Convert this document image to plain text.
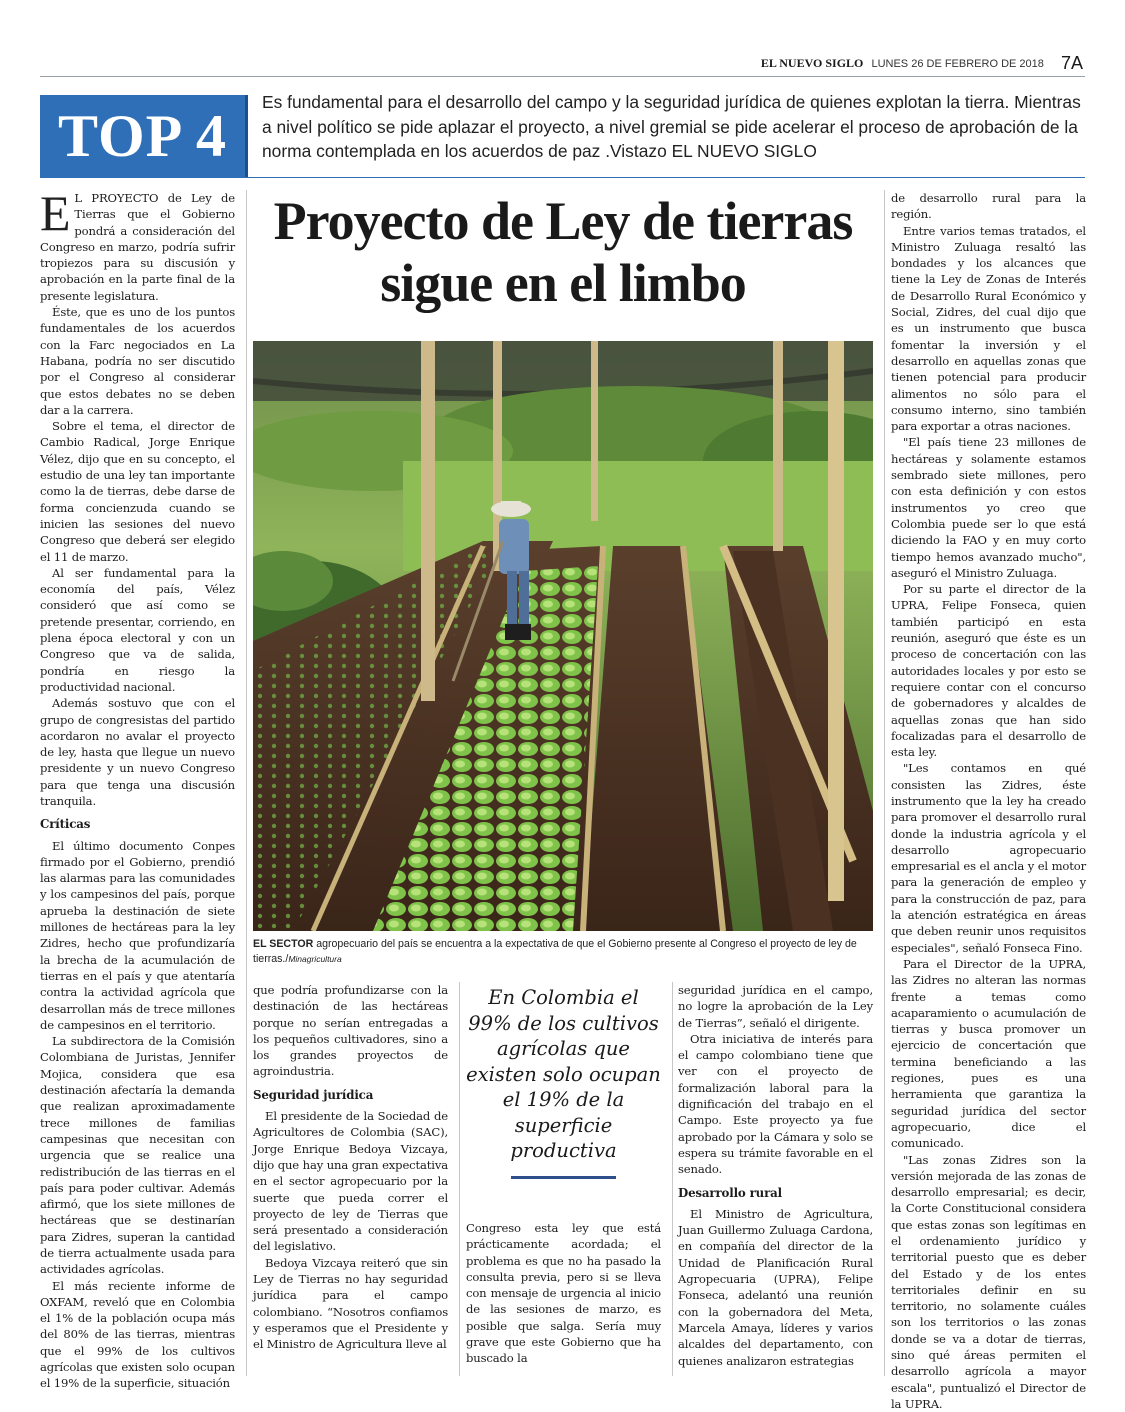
EL NUEVO SIGLO LUNES 26 DE FEBRERO DE 2018 7A
TOP 4
Es fundamental para el desarrollo del campo y la seguridad jurídica de quienes explotan la tierra. Mientras a nivel político se pide aplazar el proyecto, a nivel gremial se pide acelerar el proceso de aprobación de la norma contemplada en los acuerdos de paz .Vistazo EL NUEVO SIGLO
Proyecto de Ley de tierras
sigue en el limbo
EL SECTOR agropecuario del país se encuentra a la expectativa de que el Gobierno presente al Congreso el proyecto de ley de tierras./Minagricultura

E L PROYECTO de Ley de Tierras que el Gobierno pondrá a consideración del Congreso en marzo, podría sufrir tropiezos para su discusión y aprobación en la parte final de la presente legislatura.

Éste, que es uno de los puntos fundamentales de los acuerdos con la Farc negociados en La Habana, podría no ser discutido por el Congreso al considerar que estos debates no se deben dar a la carrera.

Sobre el tema, el director de Cambio Radical, Jorge Enrique Vélez, dijo que en su concepto, el estudio de una ley tan importante como la de tierras, debe darse de forma concienzuda cuando se inicien las sesiones del nuevo Congreso que deberá ser elegido el 11 de marzo.

Al ser fundamental para la economía del país, Vélez consideró que así como se pretende presentar, corriendo, en plena época electoral y con un Congreso que va de salida, pondría en riesgo la productividad nacional.

Además sostuvo que con el grupo de congresistas del partido acordaron no avalar el proyecto de ley, hasta que llegue un nuevo presidente y un nuevo Congreso para que tenga una discusión tranquila.

Críticas

El último documento Conpes firmado por el Gobierno, prendió las alarmas para las comunidades y los campesinos del país, porque aprueba la destinación de siete millones de hectáreas para la ley Zidres, hecho que profundizaría la brecha de la acumulación de tierras en el país y que atentaría contra la actividad agrícola que desarrollan más de trece millones de campesinos en el territorio.

La subdirectora de la Comisión Colombiana de Juristas, Jennifer Mojica, considera que esa destinación afectaría la demanda que realizan aproximadamente trece millones de familias campesinas que necesitan con urgencia que se realice una redistribución de las tierras en el país para poder cultivar. Además afirmó, que los siete millones de hectáreas que se destinarían para Zidres, superan la cantidad de tierra actualmente usada para actividades agrícolas.

El más reciente informe de OXFAM, reveló que en Colombia el 1% de la población ocupa más del 80% de las tierras, mientras que el 99% de los cultivos agrícolas que existen solo ocupan el 19% de la superficie, situación

que podría profundizarse con la destinación de las hectáreas porque no serían entregadas a los pequeños cultivadores, sino a los grandes proyectos de agroindustria.

Seguridad jurídica

El presidente de la Sociedad de Agricultores de Colombia (SAC), Jorge Enrique Bedoya Vizcaya, dijo que hay una gran expectativa en el sector agropecuario por la suerte que pueda correr el proyecto de ley de Tierras que será presentado a consideración del legislativo.

Bedoya Vizcaya reiteró que sin Ley de Tierras no hay seguridad jurídica para el campo colombiano. “Nosotros confiamos y esperamos que el Presidente y el Ministro de Agricultura lleve al

En Colombia el 99% de los cultivos agrícolas que existen solo ocupan el 19% de la superficie productiva

Congreso esta ley que está prácticamente acordada; el problema es que no ha pasado la consulta previa, pero si se lleva con mensaje de urgencia al inicio de las sesiones de marzo, es posible que salga. Sería muy grave que este Gobierno que ha buscado la

seguridad jurídica en el campo, no logre la aprobación de la Ley de Tierras”, señaló el dirigente.

Otra iniciativa de interés para el campo colombiano tiene que ver con el proyecto de formalización laboral para la dignificación del trabajo en el Campo. Este proyecto ya fue aprobado por la Cámara y solo se espera su trámite favorable en el senado.

Desarrollo rural

El Ministro de Agricultura, Juan Guillermo Zuluaga Cardona, en compañía del director de la Unidad de Planificación Rural Agropecuaria (UPRA), Felipe Fonseca, adelantó una reunión con la gobernadora del Meta, Marcela Amaya, líderes y varios alcaldes del departamento, con quienes analizaron estrategias

de desarrollo rural para la región.

Entre varios temas tratados, el Ministro Zuluaga resaltó las bondades y los alcances que tiene la Ley de Zonas de Interés de Desarrollo Rural Económico y Social, Zidres, del cual dijo que es un instrumento que busca fomentar la inversión y el desarrollo en aquellas zonas que tienen potencial para producir alimentos no sólo para el consumo interno, sino también para exportar a otras naciones.

"El país tiene 23 millones de hectáreas y solamente estamos sembrado siete millones, pero con esta definición y con estos instrumentos yo creo que Colombia puede ser lo que está diciendo la FAO y en muy corto tiempo hemos avanzado mucho", aseguró el Ministro Zuluaga.

Por su parte el director de la UPRA, Felipe Fonseca, quien también participó en esta reunión, aseguró que éste es un proceso de concertación con las autoridades locales y por esto se requiere contar con el concurso de gobernadores y alcaldes de aquellas zonas que han sido focalizadas para el desarrollo de esta ley.

"Les contamos en qué consisten las Zidres, éste instrumento que la ley ha creado para promover el desarrollo rural donde la industria agrícola y el desarrollo agropecuario empresarial es el ancla y el motor para la generación de empleo y para la construcción de paz, para la atención estratégica en áreas que deben reunir unos requisitos especiales", señaló Fonseca Fino.

Para el Director de la UPRA, las Zidres no alteran las normas frente a temas como acaparamiento o acumulación de tierras y busca promover un ejercicio de concertación que termina beneficiando a las regiones, pues es una herramienta que garantiza la seguridad jurídica del sector agropecuario, dice el comunicado.

"Las zonas Zidres son la versión mejorada de las zonas de desarrollo empresarial; es decir, la Corte Constitucional considera que estas zonas son legítimas en el ordenamiento jurídico y territorial puesto que es deber del Estado y de los entes territoriales definir en su territorio, no solamente cuáles son los territorios o las zonas donde se va a dotar de tierras, sino qué áreas permiten el desarrollo agrícola a mayor escala", puntualizó el Director de la UPRA.
